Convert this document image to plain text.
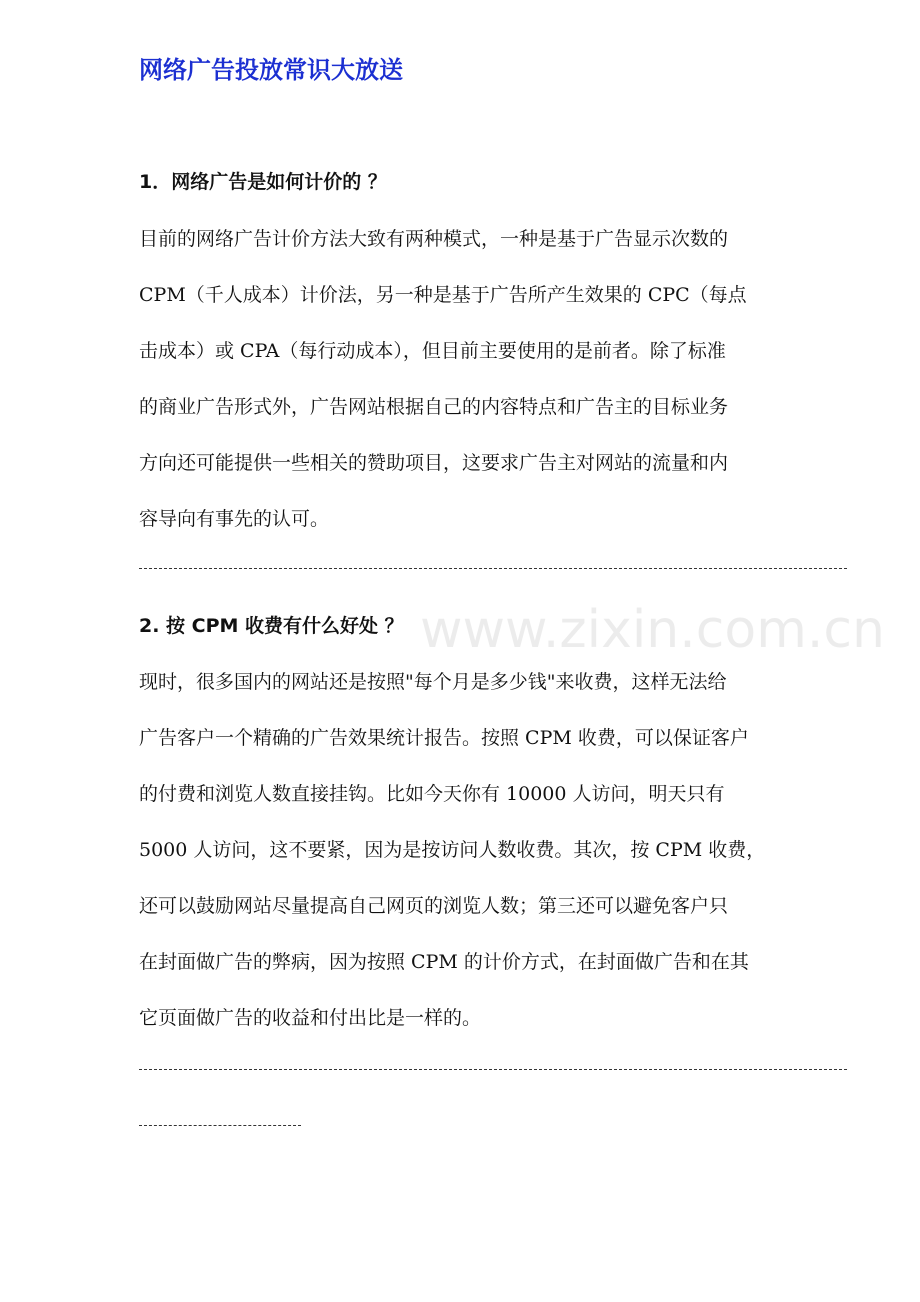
www.zixin.com.cn
网络广告投放常识大放送
1．网络广告是如何计价的 ？
目前的网络广告计价方法大致有两种模式，一种是基于广告显示次数的
CPM（千人成本）计价法，另一种是基于广告所产生效果的 CPC（每点
击成本）或 CPA（每行动成本），但目前主要使用的是前者。除了标准
的商业广告形式外，广告网站根据自己的内容特点和广告主的目标业务
方向还可能提供一些相关的赞助项目，这要求广告主对网站的流量和内
容导向有事先的认可。
2. 按 CPM 收费有什么好处 ？
现时，很多国内的网站还是按照"每个月是多少钱"来收费，这样无法给
广告客户一个精确的广告效果统计报告。按照 CPM 收费，可以保证客户
的付费和浏览人数直接挂钩。比如今天你有 10000 人访问，明天只有
5000 人访问，这不要紧，因为是按访问人数收费。其次，按 CPM 收费，
还可以鼓励网站尽量提高自己网页的浏览人数；第三还可以避免客户只
在封面做广告的弊病，因为按照 CPM 的计价方式，在封面做广告和在其
它页面做广告的收益和付出比是一样的。
